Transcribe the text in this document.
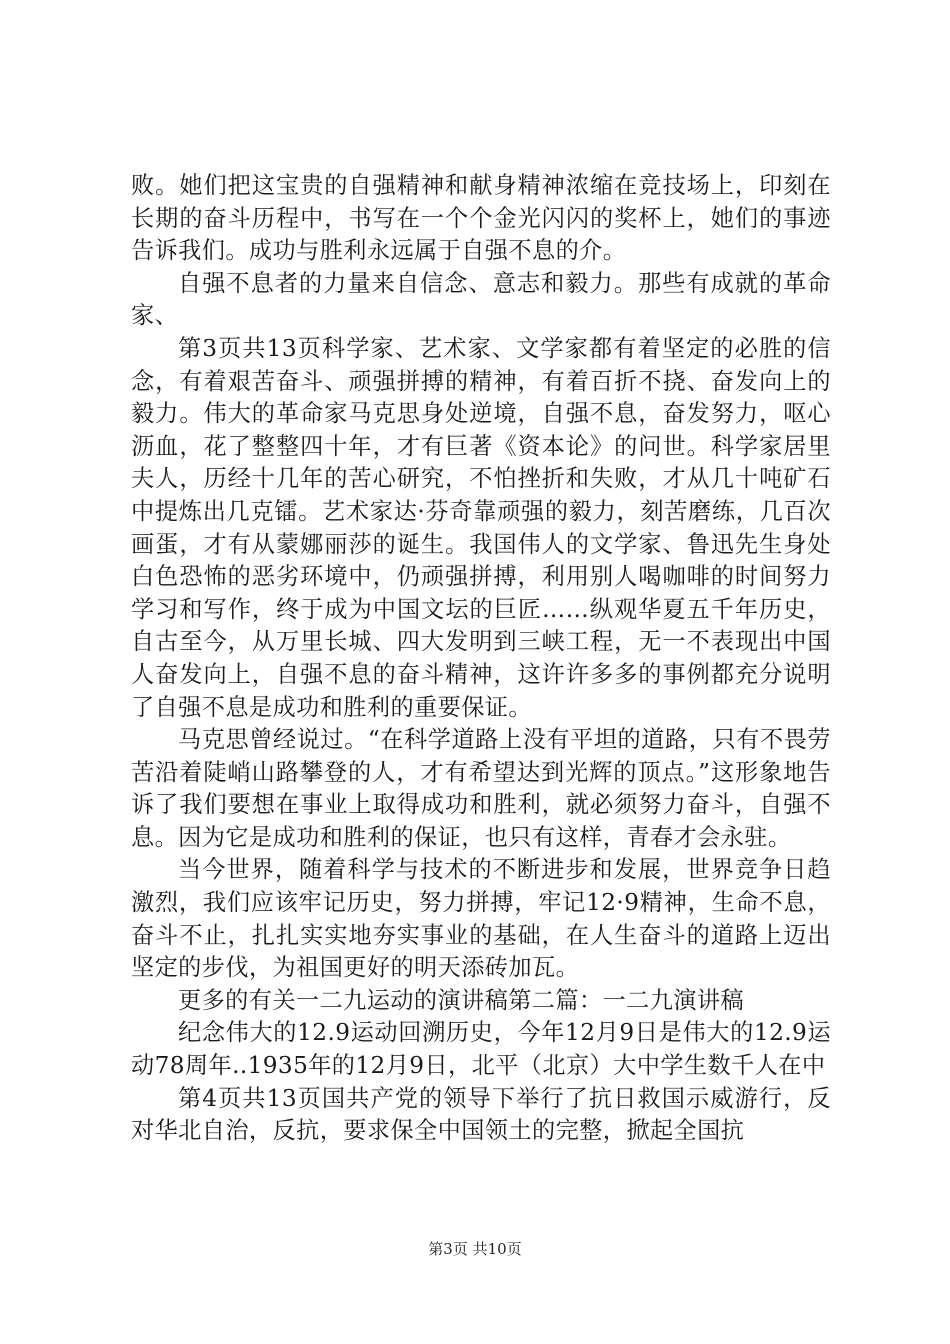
败。她们把这宝贵的自强精神和献身精神浓缩在竞技场上，印刻在长期的奋斗历程中，书写在一个个金光闪闪的奖杯上，她们的事迹告诉我们。成功与胜利永远属于自强不息的介。

自强不息者的力量来自信念、意志和毅力。那些有成就的革命家、

第3页共13页科学家、艺术家、文学家都有着坚定的必胜的信念，有着艰苦奋斗、顽强拼搏的精神，有着百折不挠、奋发向上的毅力。伟大的革命家马克思身处逆境，自强不息，奋发努力，呕心沥血，花了整整四十年，才有巨著《资本论》的问世。科学家居里夫人，历经十几年的苦心研究，不怕挫折和失败，才从几十吨矿石中提炼出几克镭。艺术家达·芬奇靠顽强的毅力，刻苦磨练，几百次画蛋，才有从蒙娜丽莎的诞生。我国伟人的文学家、鲁迅先生身处白色恐怖的恶劣环境中，仍顽强拼搏，利用别人喝咖啡的时间努力学习和写作，终于成为中国文坛的巨匠……纵观华夏五千年历史，自古至今，从万里长城、四大发明到三峡工程，无一不表现出中国人奋发向上，自强不息的奋斗精神，这许许多多的事例都充分说明了自强不息是成功和胜利的重要保证。

马克思曾经说过。“在科学道路上没有平坦的道路，只有不畏劳苦沿着陡峭山路攀登的人，才有希望达到光辉的顶点。”这形象地告诉了我们要想在事业上取得成功和胜利，就必须努力奋斗，自强不息。因为它是成功和胜利的保证，也只有这样，青春才会永驻。

当今世界，随着科学与技术的不断进步和发展，世界竞争日趋激烈，我们应该牢记历史，努力拼搏，牢记12·9精神，生命不息，奋斗不止，扎扎实实地夯实事业的基础，在人生奋斗的道路上迈出坚定的步伐，为祖国更好的明天添砖加瓦。

更多的有关一二九运动的演讲稿第二篇：一二九演讲稿

纪念伟大的12.9运动回溯历史，今年12月9日是伟大的12.9运动78周年..1935年的12月9日，北平（北京）大中学生数千人在中

第4页共13页国共产党的领导下举行了抗日救国示威游行，反对华北自治，反抗，要求保全中国领土的完整，掀起全国抗

第3页 共10页
